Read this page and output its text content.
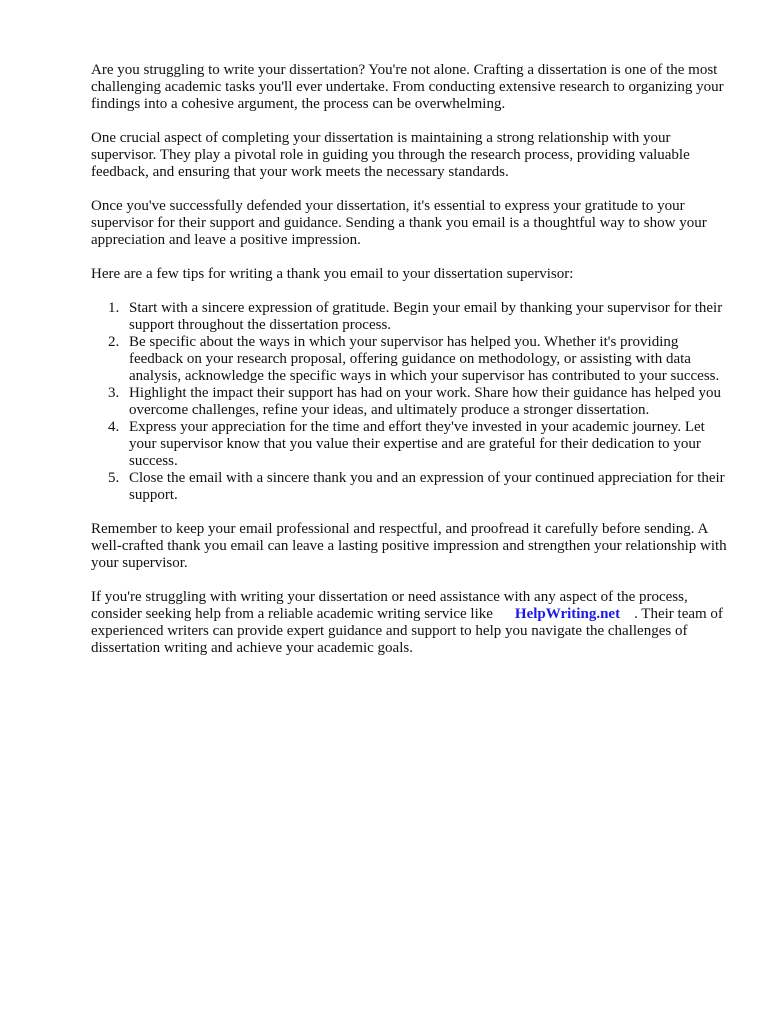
Are you struggling to write your dissertation? You're not alone. Crafting a dissertation is one of the most challenging academic tasks you'll ever undertake. From conducting extensive research to organizing your findings into a cohesive argument, the process can be overwhelming.

One crucial aspect of completing your dissertation is maintaining a strong relationship with your supervisor. They play a pivotal role in guiding you through the research process, providing valuable feedback, and ensuring that your work meets the necessary standards.

Once you've successfully defended your dissertation, it's essential to express your gratitude to your supervisor for their support and guidance. Sending a thank you email is a thoughtful way to show your appreciation and leave a positive impression.

Here are a few tips for writing a thank you email to your dissertation supervisor:

1. Start with a sincere expression of gratitude. Begin your email by thanking your supervisor for their support throughout the dissertation process.
2. Be specific about the ways in which your supervisor has helped you. Whether it's providing feedback on your research proposal, offering guidance on methodology, or assisting with data analysis, acknowledge the specific ways in which your supervisor has contributed to your success.
3. Highlight the impact their support has had on your work. Share how their guidance has helped you overcome challenges, refine your ideas, and ultimately produce a stronger dissertation.
4. Express your appreciation for the time and effort they've invested in your academic journey. Let your supervisor know that you value their expertise and are grateful for their dedication to your success.
5. Close the email with a sincere thank you and an expression of your continued appreciation for their support.

Remember to keep your email professional and respectful, and proofread it carefully before sending. A well-crafted thank you email can leave a lasting positive impression and strengthen your relationship with your supervisor.

If you're struggling with writing your dissertation or need assistance with any aspect of the process, consider seeking help from a reliable academic writing service like HelpWriting.net . Their team of experienced writers can provide expert guidance and support to help you navigate the challenges of dissertation writing and achieve your academic goals.
